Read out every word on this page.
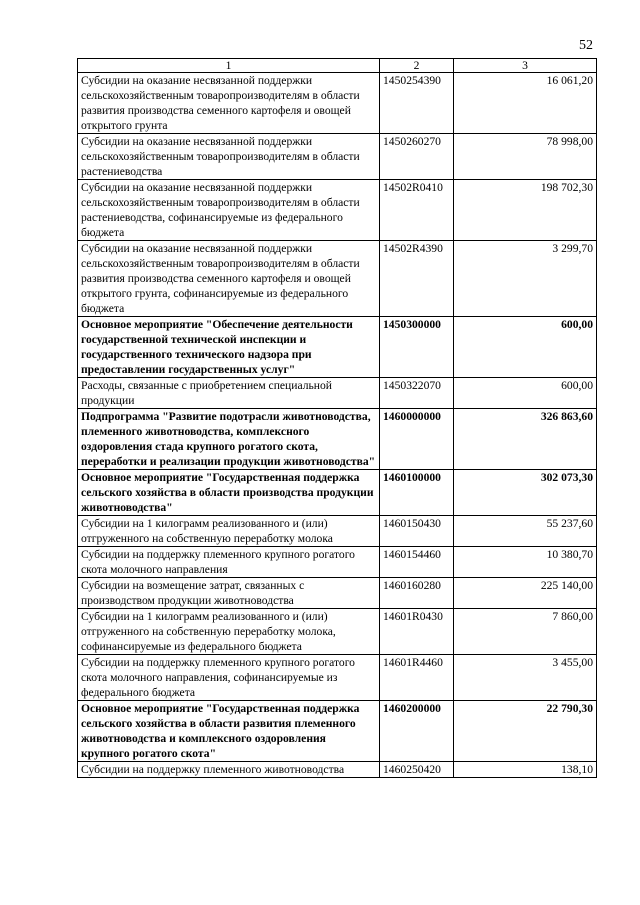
52
1	2	3
Субсидии на оказание несвязанной поддержки сельскохозяйственным товаропроизводителям в области развития производства семенного картофеля и овощей открытого грунта	1450254390	16 061,20
Субсидии на оказание несвязанной поддержки сельскохозяйственным товаропроизводителям в области растениеводства	1450260270	78 998,00
Субсидии на оказание несвязанной поддержки сельскохозяйственным товаропроизводителям в области растениеводства, софинансируемые из федерального бюджета	14502R0410	198 702,30
Субсидии на оказание несвязанной поддержки сельскохозяйственным товаропроизводителям в области развития производства семенного картофеля и овощей открытого грунта, софинансируемые из федерального бюджета	14502R4390	3 299,70
Основное мероприятие "Обеспечение деятельности государственной технической инспекции и государственного технического надзора при предоставлении государственных услуг"	1450300000	600,00
Расходы, связанные с приобретением специальной продукции	1450322070	600,00
Подпрограмма "Развитие подотрасли животноводства, племенного животноводства, комплексного оздоровления стада крупного рогатого скота, переработки и реализации продукции животноводства"	1460000000	326 863,60
Основное мероприятие "Государственная поддержка сельского хозяйства в области производства продукции животноводства"	1460100000	302 073,30
Субсидии на 1 килограмм реализованного и (или) отгруженного на собственную переработку молока	1460150430	55 237,60
Субсидии на поддержку племенного крупного рогатого скота молочного направления	1460154460	10 380,70
Субсидии на возмещение затрат, связанных с производством продукции животноводства	1460160280	225 140,00
Субсидии на 1 килограмм реализованного и (или) отгруженного на собственную переработку молока, софинансируемые из федерального бюджета	14601R0430	7 860,00
Субсидии на поддержку племенного крупного рогатого скота молочного направления, софинансируемые из федерального бюджета	14601R4460	3 455,00
Основное мероприятие "Государственная поддержка сельского хозяйства в области развития племенного животноводства и комплексного оздоровления крупного рогатого скота"	1460200000	22 790,30
Субсидии на поддержку племенного животноводства	1460250420	138,10
